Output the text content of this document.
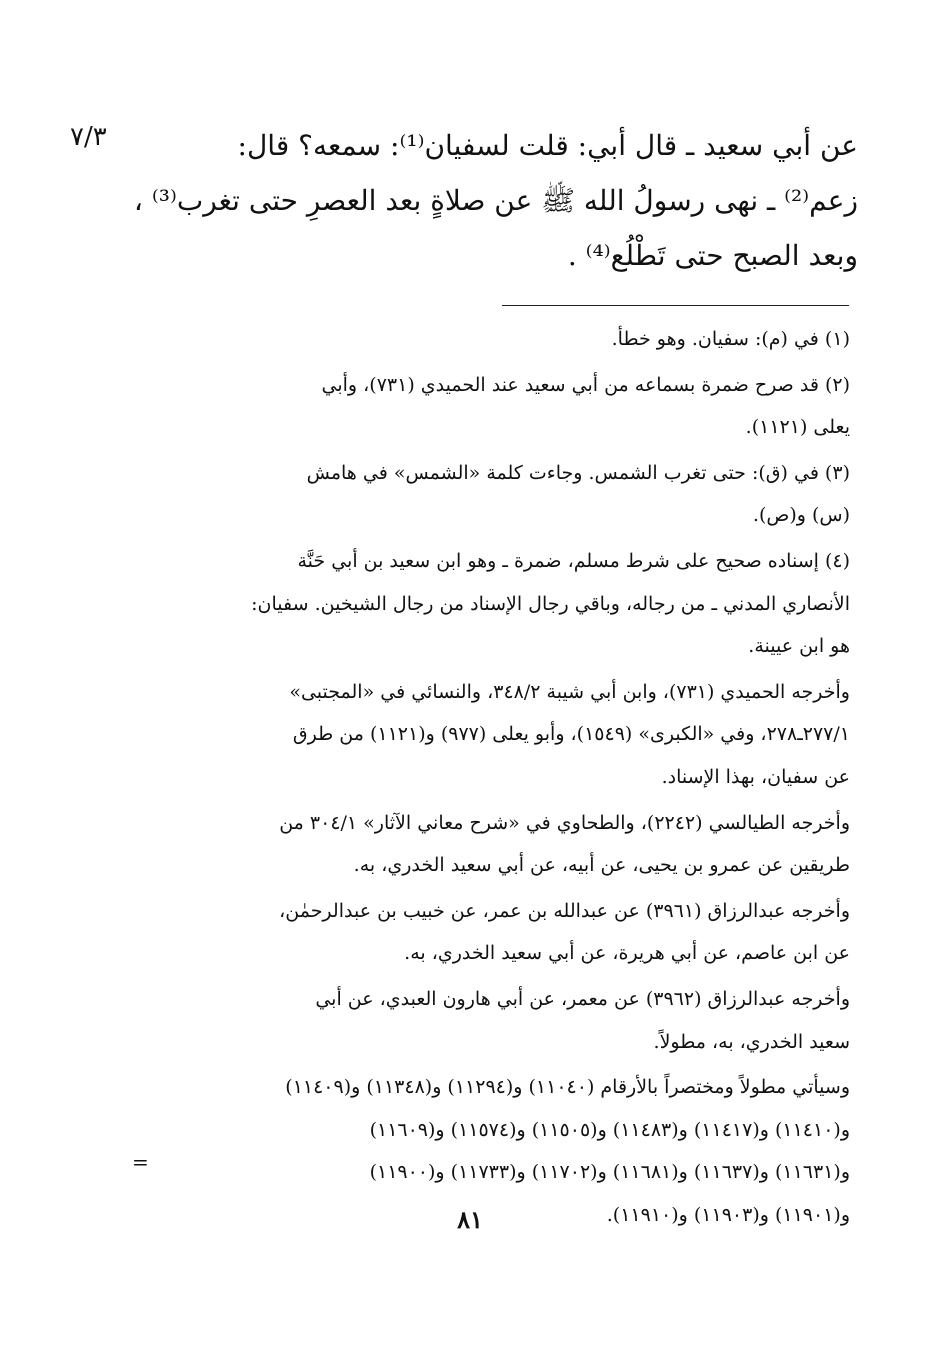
٧/٣	عن أبي سعيد ـ قال أبي: قلت لسفيان⁽¹⁾: سمعه؟ قال:
زعم⁽²⁾ ـ نهى رسولُ الله ﷺ عن صلاةٍ بعد العصرِ حتى تغرب⁽³⁾ ،
وبعد الصبح حتى تَطْلُع⁽⁴⁾ .
(١) في (م): سفيان. وهو خطأ.
(٢) قد صرح ضمرة بسماعه من أبي سعيد عند الحميدي (٧٣١)، وأبي
يعلى (١١٢١).
(٣) في (ق): حتى تغرب الشمس. وجاءت كلمة «الشمس» في هامش
(س) و(ص).
(٤) إسناده صحيح على شرط مسلم، ضمرة ـ وهو ابن سعيد بن أبي حَنَّة
الأنصاري المدني ـ من رجاله، وباقي رجال الإسناد من رجال الشيخين. سفيان:
هو ابن عيينة.
وأخرجه الحميدي (٧٣١)، وابن أبي شيبة ٣٤٨/٢، والنسائي في «المجتبى»
٢٧٧/١ـ٢٧٨، وفي «الكبرى» (١٥٤٩)، وأبو يعلى (٩٧٧) و(١١٢١) من طرق
عن سفيان، بهذا الإسناد.
وأخرجه الطيالسي (٢٢٤٢)، والطحاوي في «شرح معاني الآثار» ٣٠٤/١ من
طريقين عن عمرو بن يحيى، عن أبيه، عن أبي سعيد الخدري، به.
وأخرجه عبدالرزاق (٣٩٦١) عن عبدالله بن عمر، عن خبيب بن عبدالرحمٰن،
عن ابن عاصم، عن أبي هريرة، عن أبي سعيد الخدري، به.
وأخرجه عبدالرزاق (٣٩٦٢) عن معمر، عن أبي هارون العبدي، عن أبي
سعيد الخدري، به، مطولاً.
وسيأتي مطولاً ومختصراً بالأرقام (١١٠٤٠) و(١١٢٩٤) و(١١٣٤٨) و(١١٤٠٩)
و(١١٤١٠) و(١١٤١٧) و(١١٤٨٣) و(١١٥٠٥) و(١١٥٧٤) و(١١٦٠٩)
و(١١٦٣١) و(١١٦٣٧) و(١١٦٨١) و(١١٧٠٢) و(١١٧٣٣) و(١١٩٠٠)
و(١١٩٠١) و(١١٩٠٣) و(١١٩١٠).
=
٨١
